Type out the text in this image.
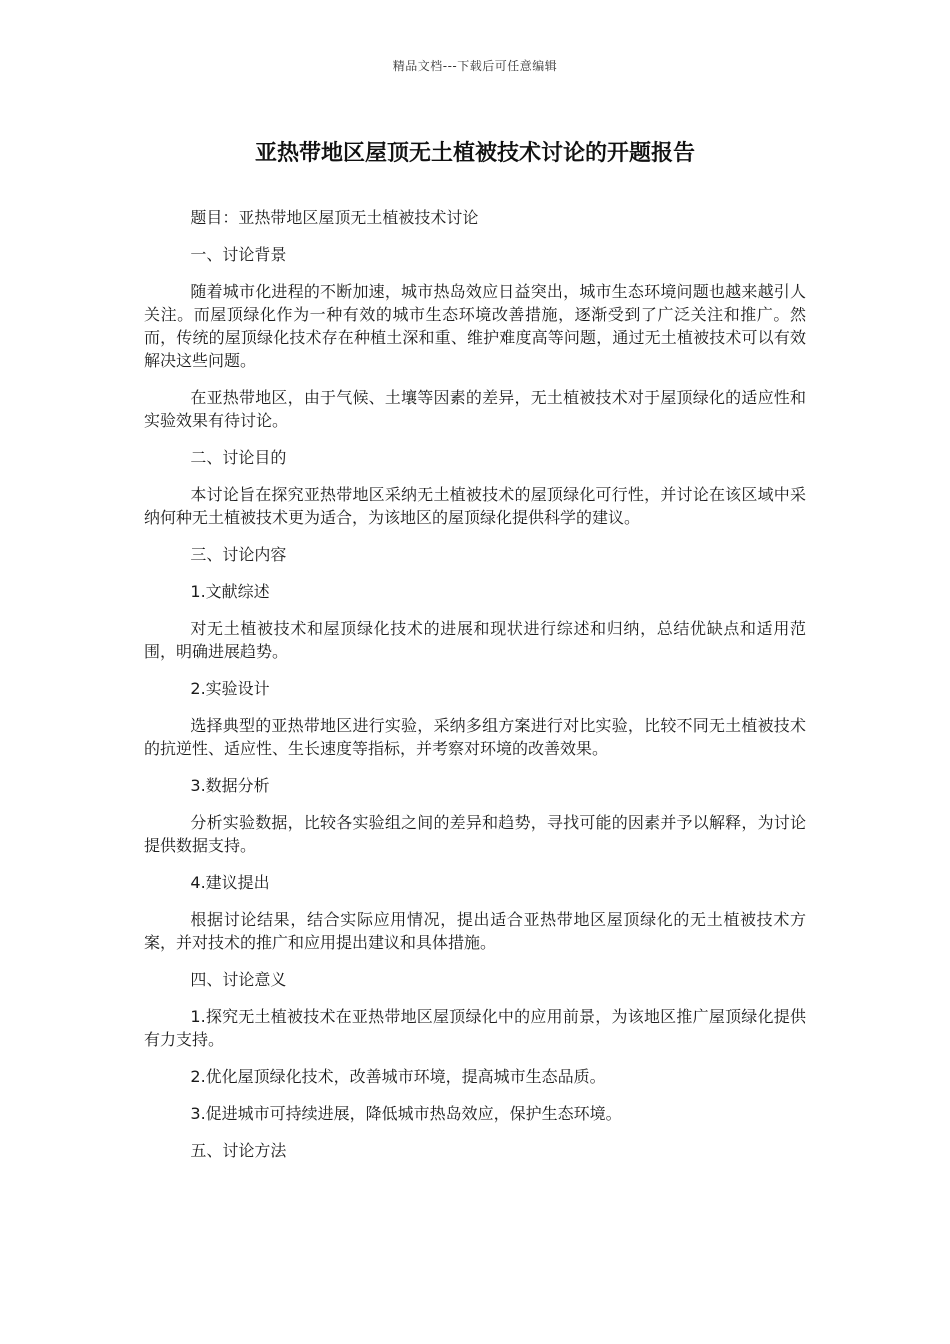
精品文档---下载后可任意编辑
亚热带地区屋顶无土植被技术讨论的开题报告

题目：亚热带地区屋顶无土植被技术讨论

一、讨论背景

随着城市化进程的不断加速，城市热岛效应日益突出，城市生态环境问题也越来越引人关注。而屋顶绿化作为一种有效的城市生态环境改善措施，逐渐受到了广泛关注和推广。然而，传统的屋顶绿化技术存在种植土深和重、维护难度高等问题，通过无土植被技术可以有效解决这些问题。

在亚热带地区，由于气候、土壤等因素的差异，无土植被技术对于屋顶绿化的适应性和实验效果有待讨论。

二、讨论目的

本讨论旨在探究亚热带地区采纳无土植被技术的屋顶绿化可行性，并讨论在该区域中采纳何种无土植被技术更为适合，为该地区的屋顶绿化提供科学的建议。

三、讨论内容

1.文献综述

对无土植被技术和屋顶绿化技术的进展和现状进行综述和归纳，总结优缺点和适用范围，明确进展趋势。

2.实验设计

选择典型的亚热带地区进行实验，采纳多组方案进行对比实验，比较不同无土植被技术的抗逆性、适应性、生长速度等指标，并考察对环境的改善效果。

3.数据分析

分析实验数据，比较各实验组之间的差异和趋势，寻找可能的因素并予以解释，为讨论提供数据支持。

4.建议提出

根据讨论结果，结合实际应用情况，提出适合亚热带地区屋顶绿化的无土植被技术方案，并对技术的推广和应用提出建议和具体措施。

四、讨论意义

1.探究无土植被技术在亚热带地区屋顶绿化中的应用前景，为该地区推广屋顶绿化提供有力支持。

2.优化屋顶绿化技术，改善城市环境，提高城市生态品质。

3.促进城市可持续进展，降低城市热岛效应，保护生态环境。

五、讨论方法
